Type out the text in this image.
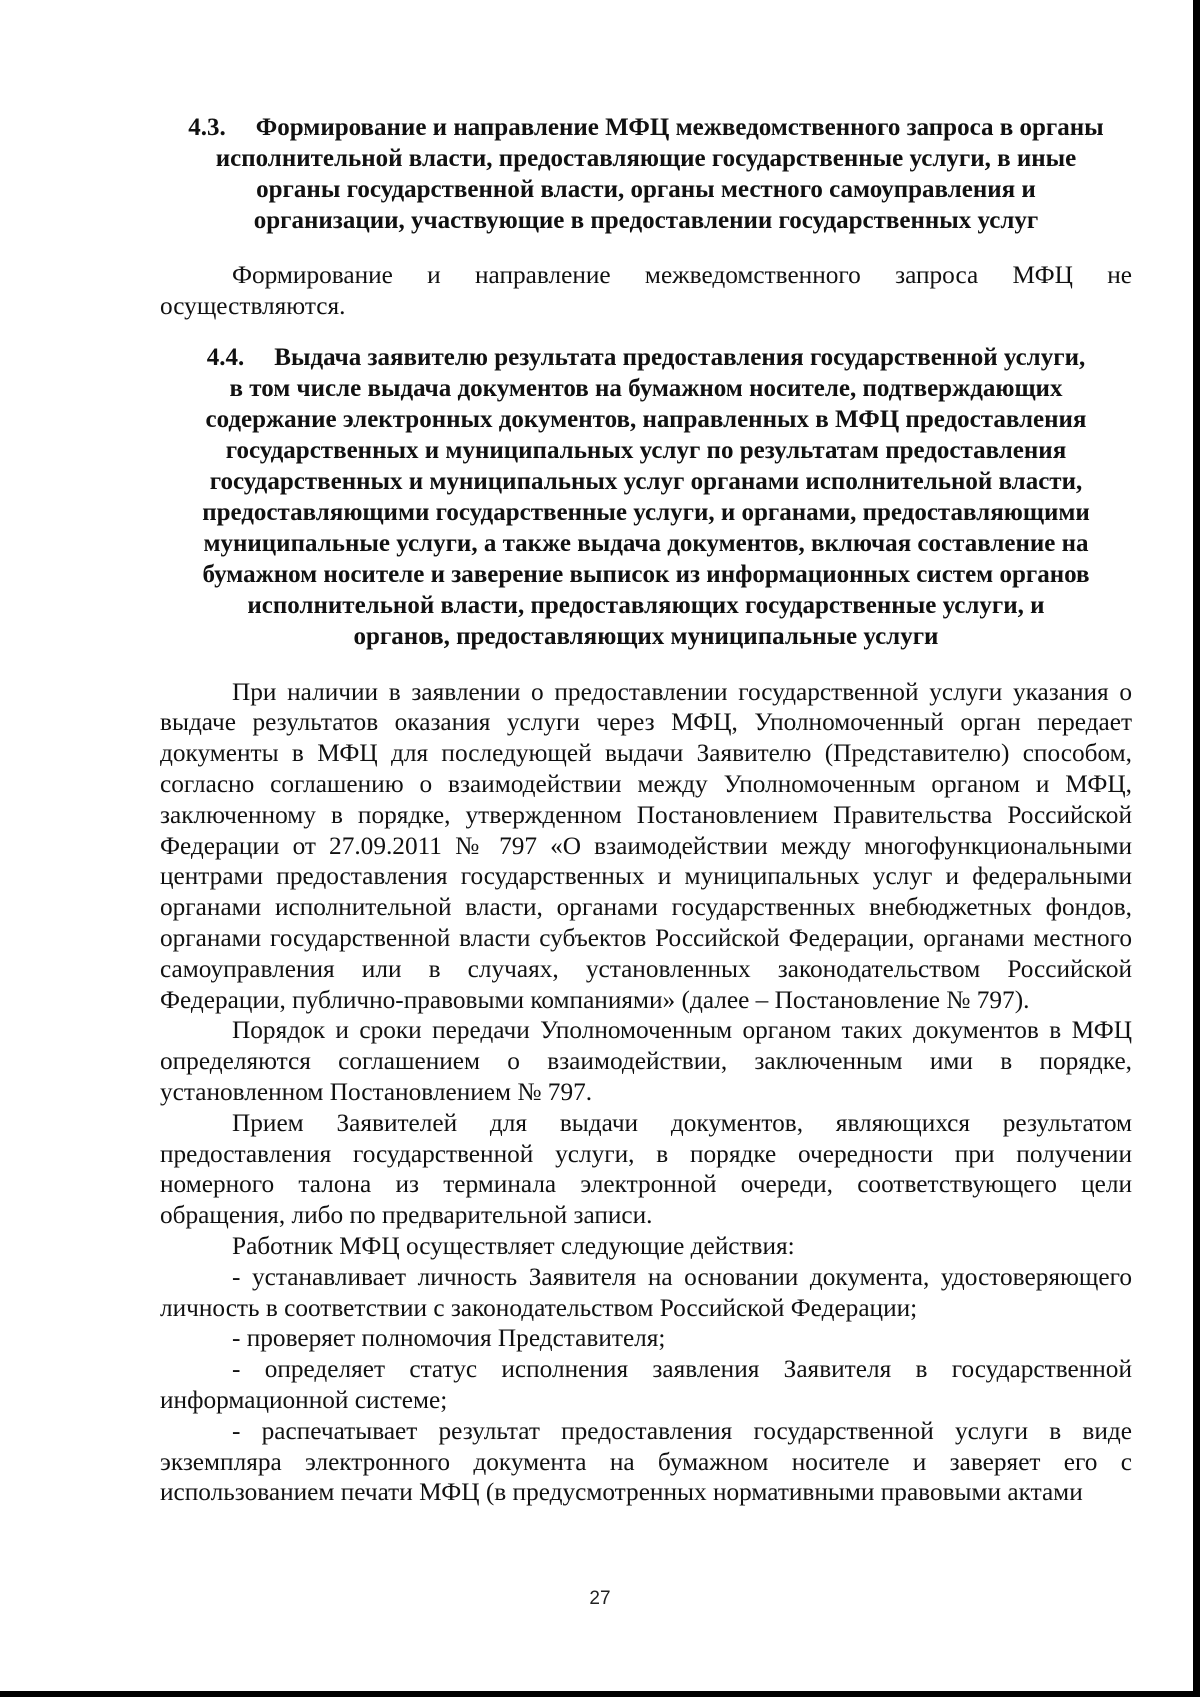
4.3. Формирование и направление МФЦ межведомственного запроса в органы исполнительной власти, предоставляющие государственные услуги, в иные органы государственной власти, органы местного самоуправления и организации, участвующие в предоставлении государственных услуг

Формирование и направление межведомственного запроса МФЦ не осуществляются.

4.4. Выдача заявителю результата предоставления государственной услуги, в том числе выдача документов на бумажном носителе, подтверждающих содержание электронных документов, направленных в МФЦ предоставления государственных и муниципальных услуг по результатам предоставления государственных и муниципальных услуг органами исполнительной власти, предоставляющими государственные услуги, и органами, предоставляющими муниципальные услуги, а также выдача документов, включая составление на бумажном носителе и заверение выписок из информационных систем органов исполнительной власти, предоставляющих государственные услуги, и органов, предоставляющих муниципальные услуги

При наличии в заявлении о предоставлении государственной услуги указания о выдаче результатов оказания услуги через МФЦ, Уполномоченный орган передает документы в МФЦ для последующей выдачи Заявителю (Представителю) способом, согласно соглашению о взаимодействии между Уполномоченным органом и МФЦ, заключенному в порядке, утвержденном Постановлением Правительства Российской Федерации от 27.09.2011 № 797 «О взаимодействии между многофункциональными центрами предоставления государственных и муниципальных услуг и федеральными органами исполнительной власти, органами государственных внебюджетных фондов, органами государственной власти субъектов Российской Федерации, органами местного самоуправления или в случаях, установленных законодательством Российской Федерации, публично-правовыми компаниями» (далее – Постановление № 797).

Порядок и сроки передачи Уполномоченным органом таких документов в МФЦ определяются соглашением о взаимодействии, заключенным ими в порядке, установленном Постановлением № 797.

Прием Заявителей для выдачи документов, являющихся результатом предоставления государственной услуги, в порядке очередности при получении номерного талона из терминала электронной очереди, соответствующего цели обращения, либо по предварительной записи.

Работник МФЦ осуществляет следующие действия:

- устанавливает личность Заявителя на основании документа, удостоверяющего личность в соответствии с законодательством Российской Федерации;

- проверяет полномочия Представителя;

- определяет статус исполнения заявления Заявителя в государственной информационной системе;

- распечатывает результат предоставления государственной услуги в виде экземпляра электронного документа на бумажном носителе и заверяет его с использованием печати МФЦ (в предусмотренных нормативными правовыми актами

27
